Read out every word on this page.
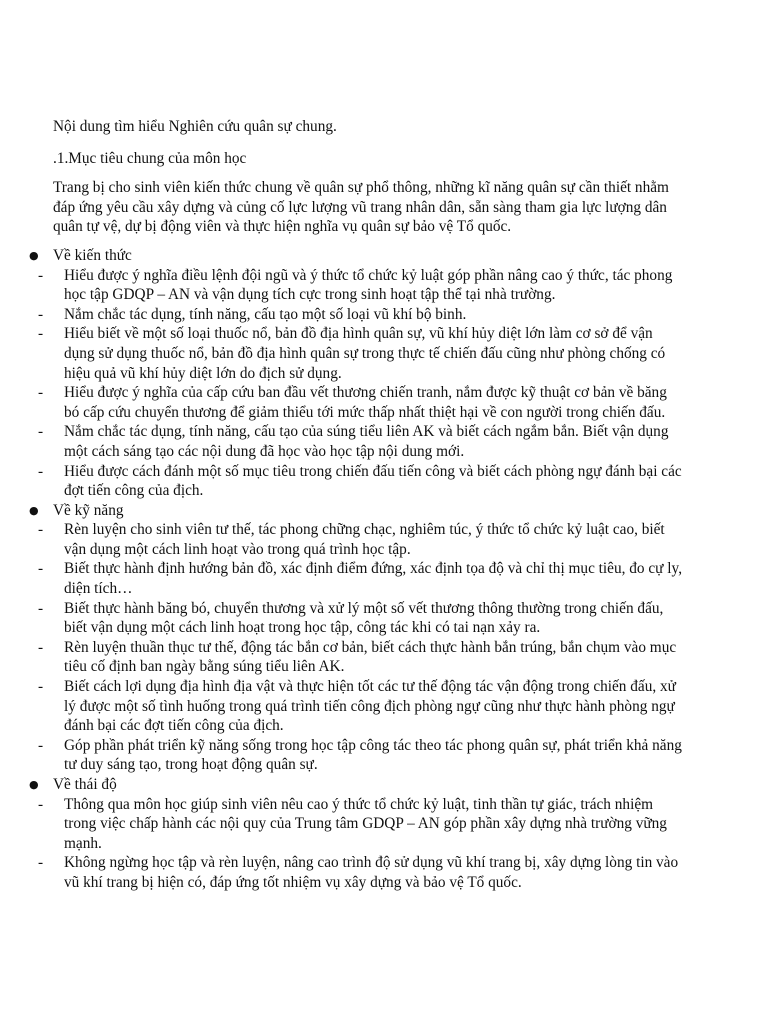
Nội dung tìm hiểu Nghiên cứu quân sự chung.

.1.Mục tiêu chung của môn học

Trang bị cho sinh viên kiến thức chung về quân sự phổ thông, những kĩ năng quân sự cần thiết nhằm đáp ứng yêu cầu xây dựng và củng cố lực lượng vũ trang nhân dân, sẵn sàng tham gia lực lượng dân quân tự vệ, dự bị động viên và thực hiện nghĩa vụ quân sự bảo vệ Tổ quốc.

● Về kiến thức
- Hiểu được ý nghĩa điều lệnh đội ngũ và ý thức tổ chức kỷ luật góp phần nâng cao ý thức, tác phong học tập GDQP – AN và vận dụng tích cực trong sinh hoạt tập thể tại nhà trường.
- Nắm chắc tác dụng, tính năng, cấu tạo một số loại vũ khí bộ binh.
- Hiểu biết về một số loại thuốc nổ, bản đồ địa hình quân sự, vũ khí hủy diệt lớn làm cơ sở để vận dụng sử dụng thuốc nổ, bản đồ địa hình quân sự trong thực tế chiến đấu cũng như phòng chống có hiệu quả vũ khí hủy diệt lớn do địch sử dụng.
- Hiểu được ý nghĩa của cấp cứu ban đầu vết thương chiến tranh, nắm được kỹ thuật cơ bản về băng bó cấp cứu chuyển thương để giảm thiểu tới mức thấp nhất thiệt hại về con người trong chiến đấu.
- Nắm chắc tác dụng, tính năng, cấu tạo của súng tiểu liên AK và biết cách ngắm bắn. Biết vận dụng một cách sáng tạo các nội dung đã học vào học tập nội dung mới.
- Hiểu được cách đánh một số mục tiêu trong chiến đấu tiến công và biết cách phòng ngự đánh bại các đợt tiến công của địch.
● Về kỹ năng
- Rèn luyện cho sinh viên tư thế, tác phong chững chạc, nghiêm túc, ý thức tổ chức kỷ luật cao, biết vận dụng một cách linh hoạt vào trong quá trình học tập.
- Biết thực hành định hướng bản đồ, xác định điểm đứng, xác định tọa độ và chỉ thị mục tiêu, đo cự ly, diện tích…
- Biết thực hành băng bó, chuyển thương và xử lý một số vết thương thông thường trong chiến đấu, biết vận dụng một cách linh hoạt trong học tập, công tác khi có tai nạn xảy ra.
- Rèn luyện thuần thục tư thế, động tác bắn cơ bản, biết cách thực hành bắn trúng, bắn chụm vào mục tiêu cố định ban ngày bằng súng tiểu liên AK.
- Biết cách lợi dụng địa hình địa vật và thực hiện tốt các tư thế động tác vận động trong chiến đấu, xử lý được một số tình huống trong quá trình tiến công địch phòng ngự cũng như thực hành phòng ngự đánh bại các đợt tiến công của địch.
- Góp phần phát triển kỹ năng sống trong học tập công tác theo tác phong quân sự, phát triển khả năng tư duy sáng tạo, trong hoạt động quân sự.
● Về thái độ
- Thông qua môn học giúp sinh viên nêu cao ý thức tổ chức kỷ luật, tinh thần tự giác, trách nhiệm trong việc chấp hành các nội quy của Trung tâm GDQP – AN góp phần xây dựng nhà trường vững mạnh.
- Không ngừng học tập và rèn luyện, nâng cao trình độ sử dụng vũ khí trang bị, xây dựng lòng tin vào vũ khí trang bị hiện có, đáp ứng tốt nhiệm vụ xây dựng và bảo vệ Tổ quốc.
